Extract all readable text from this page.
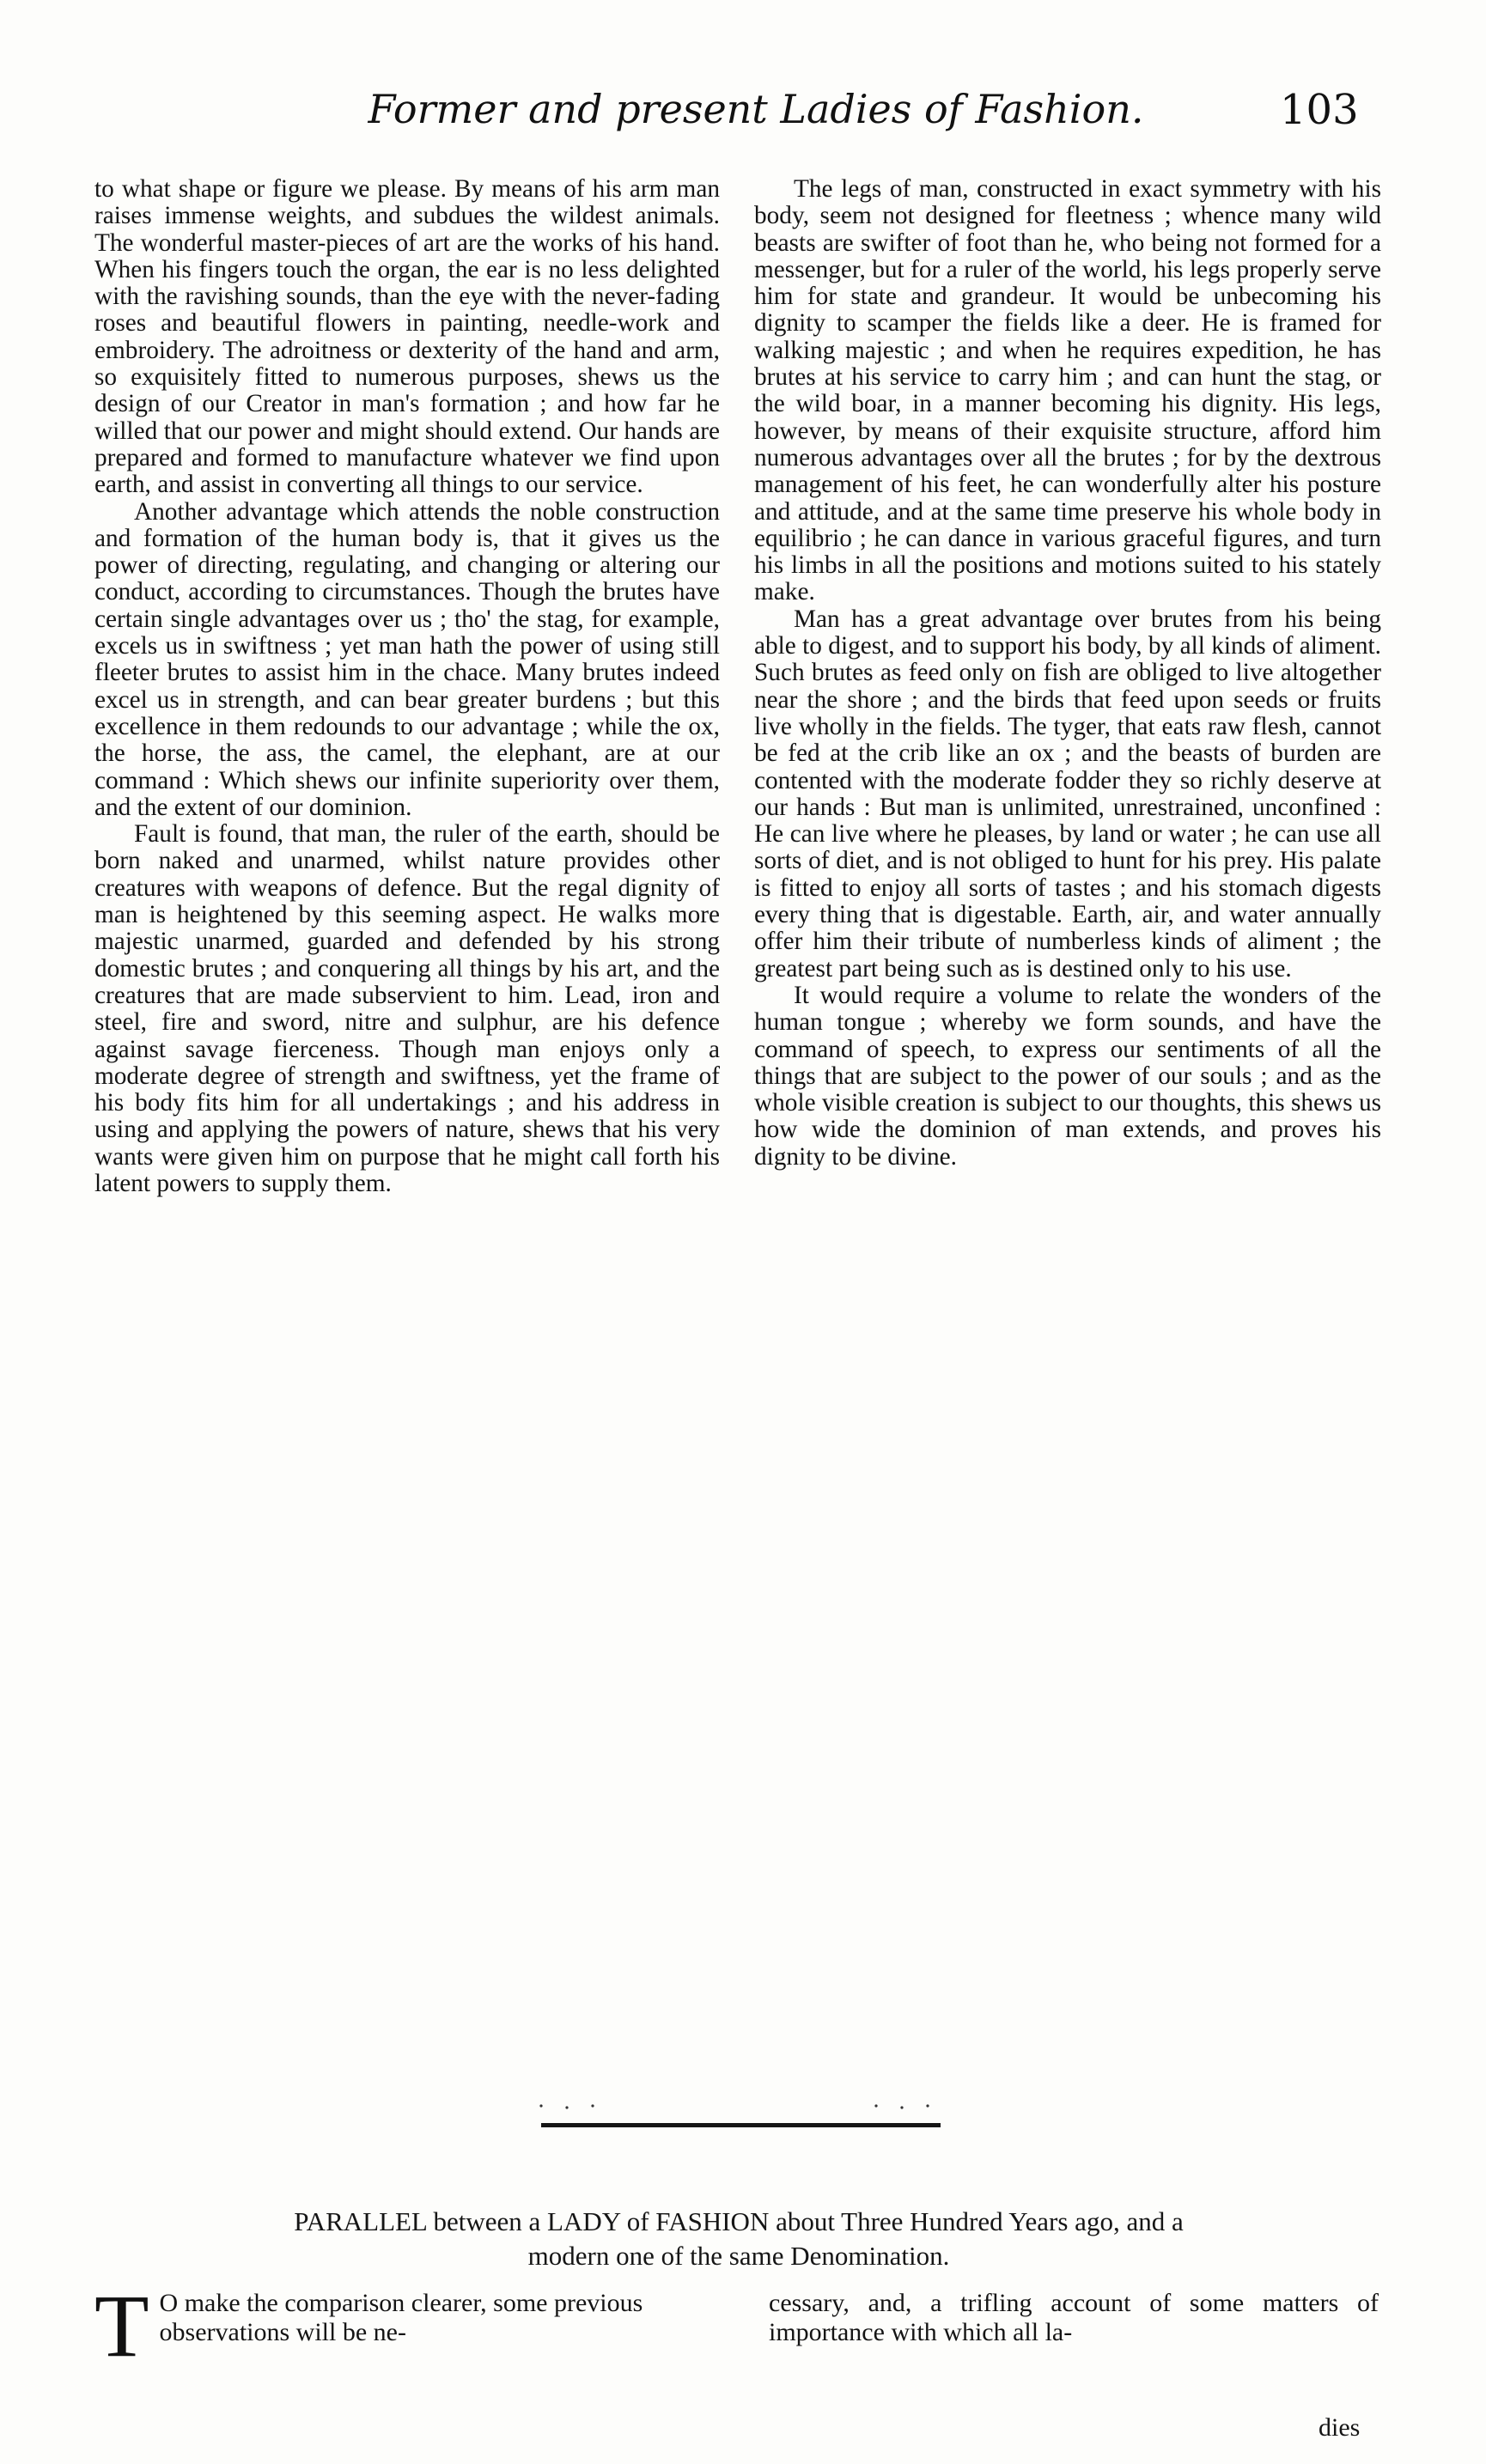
Former and present Ladies of Fashion.	103

to what shape or figure we please. By means of his arm man raises immense weights, and subdues the wildest animals. The wonderful master-pieces of art are the works of his hand. When his fingers touch the organ, the ear is no less delighted with the ravishing sounds, than the eye with the never-fading roses and beautiful flowers in painting, needle-work and embroidery. The adroitness or dexterity of the hand and arm, so exquisitely fitted to numerous purposes, shews us the design of our Creator in man's formation ; and how far he willed that our power and might should extend. Our hands are prepared and formed to manufacture whatever we find upon earth, and assist in converting all things to our service.

Another advantage which attends the noble construction and formation of the human body is, that it gives us the power of directing, regulating, and changing or altering our conduct, according to circumstances. Though the brutes have certain single advantages over us ; tho' the stag, for example, excels us in swiftness ; yet man hath the power of using still fleeter brutes to assist him in the chace. Many brutes indeed excel us in strength, and can bear greater burdens ; but this excellence in them redounds to our advantage ; while the ox, the horse, the ass, the camel, the elephant, are at our command : Which shews our infinite superiority over them, and the extent of our dominion.

Fault is found, that man, the ruler of the earth, should be born naked and unarmed, whilst nature provides other creatures with weapons of defence. But the regal dignity of man is heightened by this seeming aspect. He walks more majestic unarmed, guarded and defended by his strong domestic brutes ; and conquering all things by his art, and the creatures that are made subservient to him. Lead, iron and steel, fire and sword, nitre and sulphur, are his defence against savage fierceness. Though man enjoys only a moderate degree of strength and swiftness, yet the frame of his body fits him for all undertakings ; and his address in using and applying the powers of nature, shews that his very wants were given him on purpose that he might call forth his latent powers to supply them.

The legs of man, constructed in exact symmetry with his body, seem not designed for fleetness ; whence many wild beasts are swifter of foot than he, who being not formed for a messenger, but for a ruler of the world, his legs properly serve him for state and grandeur. It would be unbecoming his dignity to scamper the fields like a deer. He is framed for walking majestic ; and when he requires expedition, he has brutes at his service to carry him ; and can hunt the stag, or the wild boar, in a manner becoming his dignity. His legs, however, by means of their exquisite structure, afford him numerous advantages over all the brutes ; for by the dextrous management of his feet, he can wonderfully alter his posture and attitude, and at the same time preserve his whole body in equilibrio ; he can dance in various graceful figures, and turn his limbs in all the positions and motions suited to his stately make.

Man has a great advantage over brutes from his being able to digest, and to support his body, by all kinds of aliment. Such brutes as feed only on fish are obliged to live altogether near the shore ; and the birds that feed upon seeds or fruits live wholly in the fields. The tyger, that eats raw flesh, cannot be fed at the crib like an ox ; and the beasts of burden are contented with the moderate fodder they so richly deserve at our hands : But man is unlimited, unrestrained, unconfined : He can live where he pleases, by land or water ; he can use all sorts of diet, and is not obliged to hunt for his prey. His palate is fitted to enjoy all sorts of tastes ; and his stomach digests every thing that is digestable. Earth, air, and water annually offer him their tribute of numberless kinds of aliment ; the greatest part being such as is destined only to his use.

It would require a volume to relate the wonders of the human tongue ; whereby we form sounds, and have the command of speech, to express our sentiments of all the things that are subject to the power of our souls ; and as the whole visible creation is subject to our thoughts, this shews us how wide the dominion of man extends, and proves his dignity to be divine.

PARALLEL between a LADY of FASHION about Three Hundred Years ago, and a
modern one of the same Denomination.
T O make the comparison clearer, some previous observations will be ne-
cessary, and, a trifling account of some matters of importance with which all la-
dies
